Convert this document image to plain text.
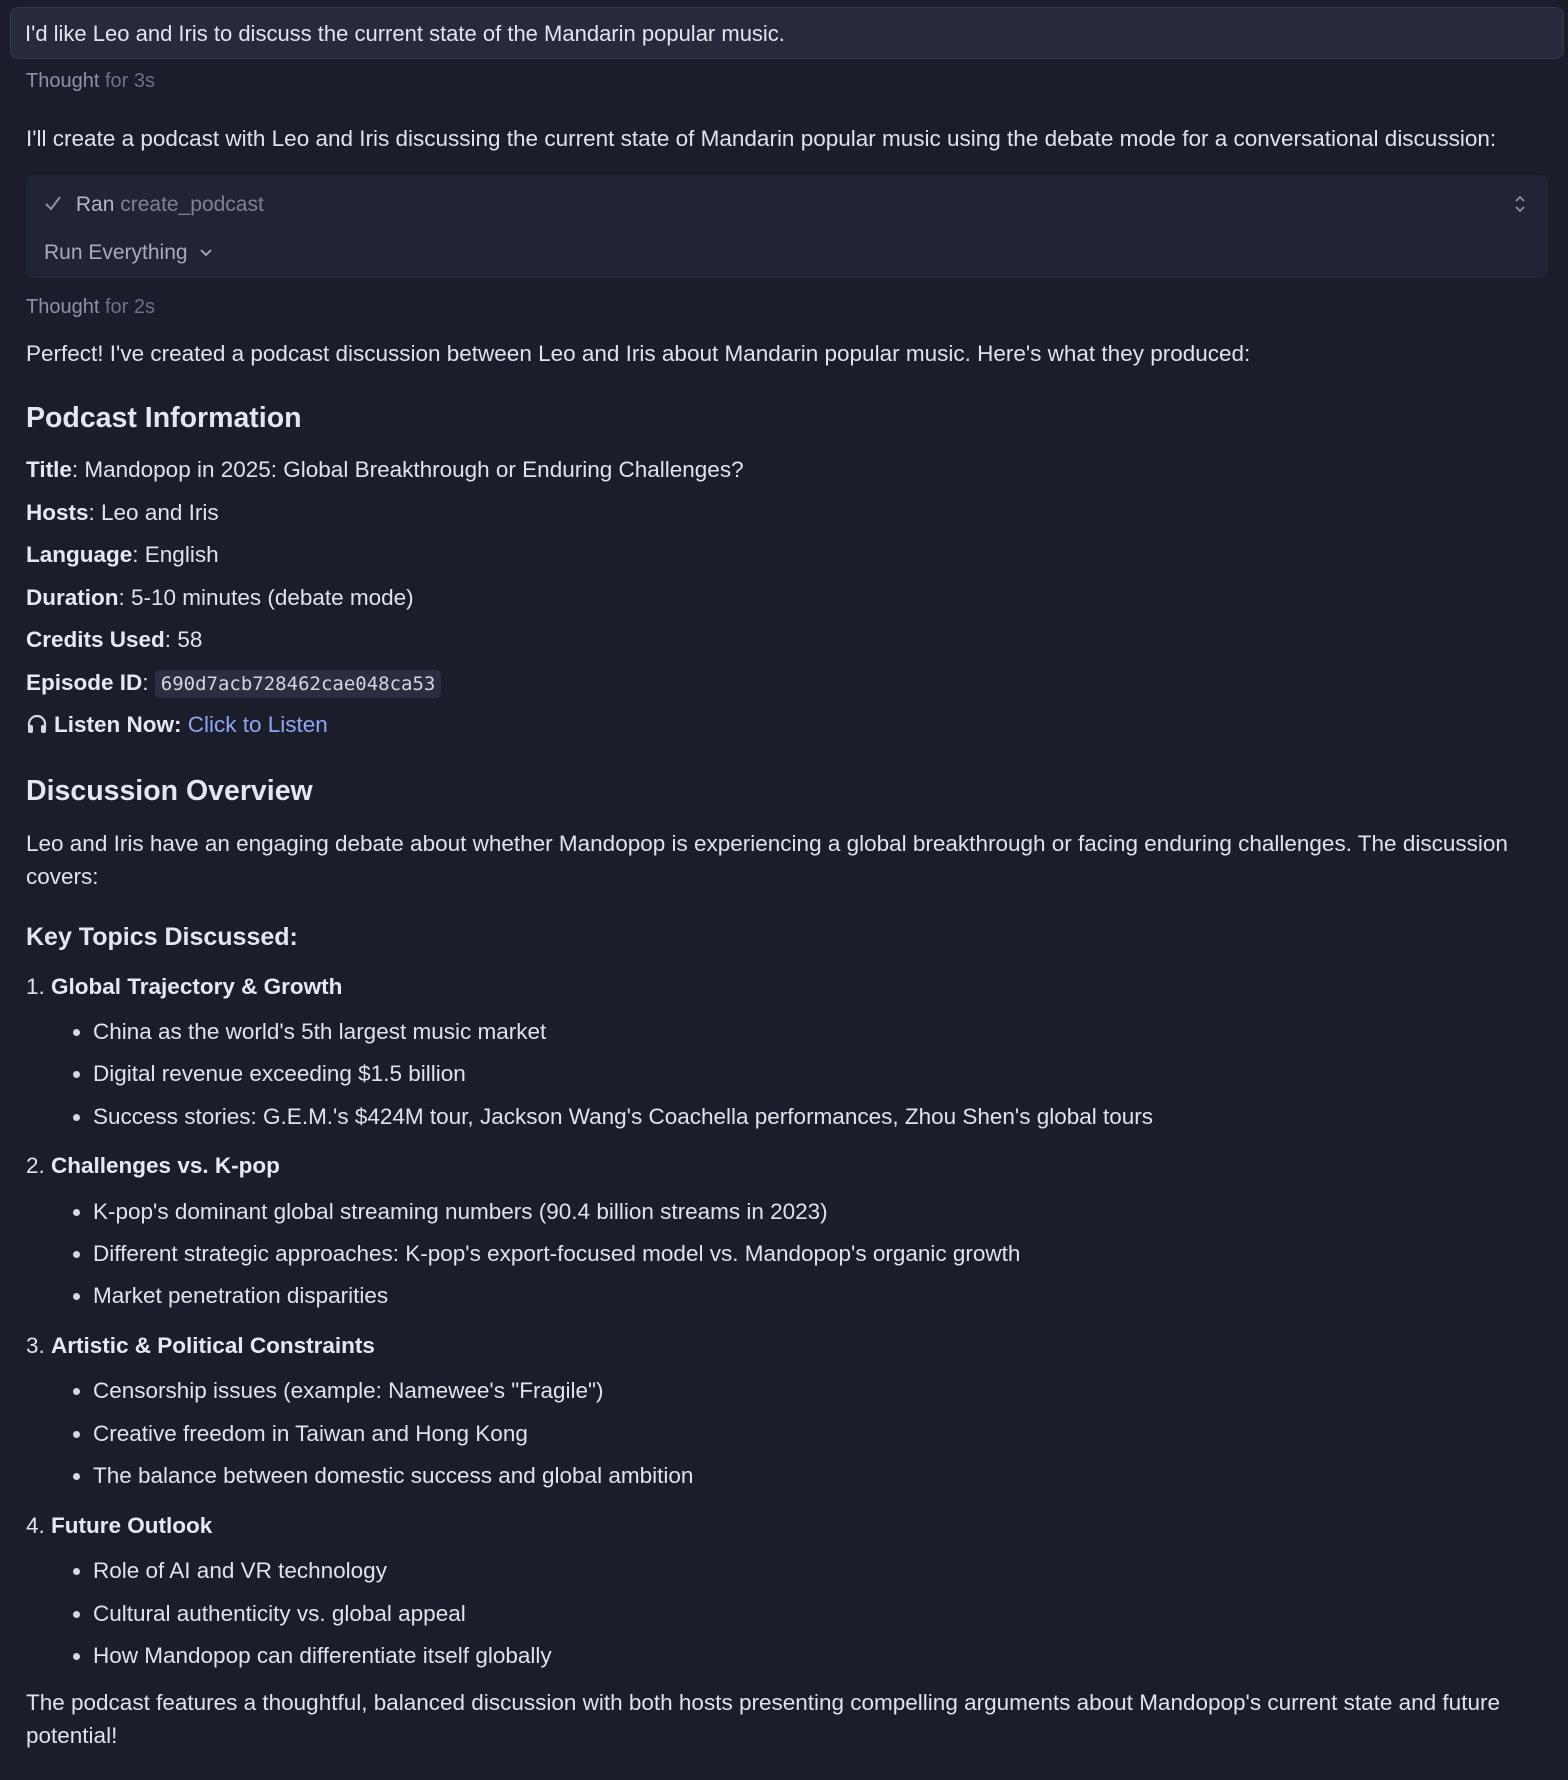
I'd like Leo and Iris to discuss the current state of the Mandarin popular music.
Thought for 3s
I'll create a podcast with Leo and Iris discussing the current state of Mandarin popular music using the debate mode for a conversational discussion:
Ran create_podcast
Run Everything
Thought for 2s
Perfect! I've created a podcast discussion between Leo and Iris about Mandarin popular music. Here's what they produced:
Podcast Information
Title: Mandopop in 2025: Global Breakthrough or Enduring Challenges?
Hosts: Leo and Iris
Language: English
Duration: 5-10 minutes (debate mode)
Credits Used: 58
Episode ID: 690d7acb728462cae048ca53
Listen Now: Click to Listen
Discussion Overview
Leo and Iris have an engaging debate about whether Mandopop is experiencing a global breakthrough or facing enduring challenges. The discussion covers:
Key Topics Discussed:
1. Global Trajectory & Growth
China as the world's 5th largest music market
Digital revenue exceeding $1.5 billion
Success stories: G.E.M.'s $424M tour, Jackson Wang's Coachella performances, Zhou Shen's global tours
2. Challenges vs. K-pop
K-pop's dominant global streaming numbers (90.4 billion streams in 2023)
Different strategic approaches: K-pop's export-focused model vs. Mandopop's organic growth
Market penetration disparities
3. Artistic & Political Constraints
Censorship issues (example: Namewee's "Fragile")
Creative freedom in Taiwan and Hong Kong
The balance between domestic success and global ambition
4. Future Outlook
Role of AI and VR technology
Cultural authenticity vs. global appeal
How Mandopop can differentiate itself globally
The podcast features a thoughtful, balanced discussion with both hosts presenting compelling arguments about Mandopop's current state and future potential!
